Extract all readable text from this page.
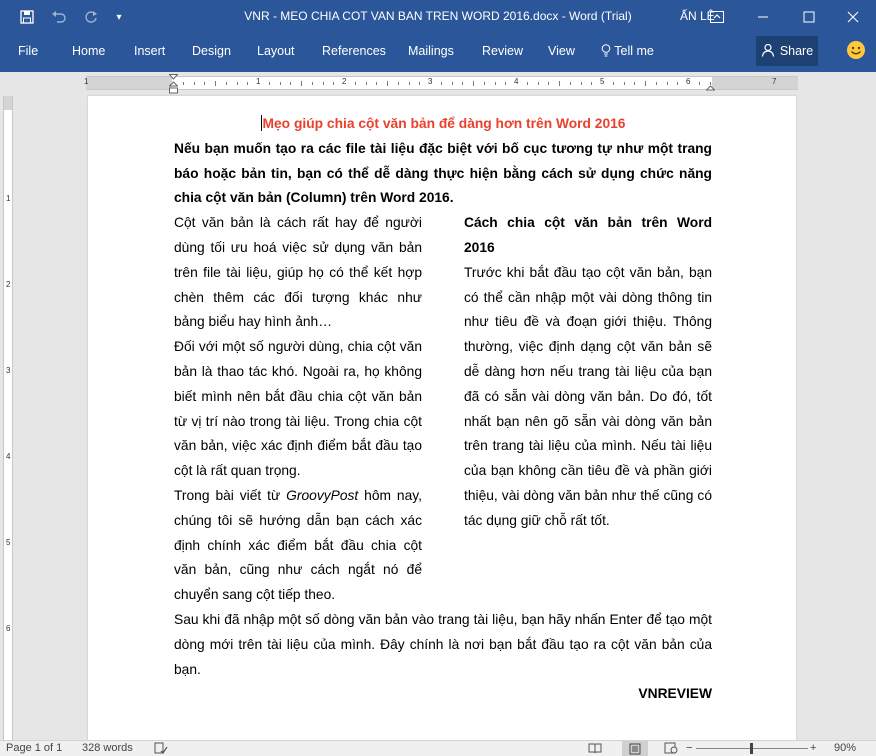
▾	VNR - MEO CHIA COT VAN BAN TREN WORD 2016.docx - Word (Trial)	ẤN LÊ
File	Home Insert Design Layout References Mailings Review View	Tell me	Share
1	1	2	3	4	5	6	7
1
2
3
4
5
6
Mẹo giúp chia cột văn bản để dàng hơn trên Word 2016
Nếu bạn muốn tạo ra các file tài liệu đặc biệt với bố cục tương tự như một trang báo hoặc bản tin, bạn có thể dễ dàng thực hiện bằng cách sử dụng chức năng chia cột văn bản (Column) trên Word 2016.
Cột văn bản là cách rất hay để người dùng tối ưu hoá việc sử dụng văn bản trên file tài liệu, giúp họ có thể kết hợp chèn thêm các đối tượng khác như bảng biểu hay hình ảnh…
Đối với một số người dùng, chia cột văn bản là thao tác khó. Ngoài ra, họ không biết mình nên bắt đầu chia cột văn bản từ vị trí nào trong tài liệu. Trong chia cột văn bản, việc xác định điểm bắt đầu tạo cột là rất quan trọng.
Trong bài viết từ GroovyPost hôm nay, chúng tôi sẽ hướng dẫn bạn cách xác định chính xác điểm bắt đầu chia cột văn bản, cũng như cách ngắt nó để chuyển sang cột tiếp theo.
Cách chia cột văn bản trên Word 2016
Trước khi bắt đầu tạo cột văn bản, bạn có thể cần nhập một vài dòng thông tin như tiêu đề và đoạn giới thiệu. Thông thường, việc định dạng cột văn bản sẽ dễ dàng hơn nếu trang tài liệu của bạn đã có sẵn vài dòng văn bản. Do đó, tốt nhất bạn nên gõ sẵn vài dòng văn bản trên trang tài liệu của mình. Nếu tài liệu của bạn không cần tiêu đề và phần giới thiệu, vài dòng văn bản như thế cũng có tác dụng giữ chỗ rất tốt.
Sau khi đã nhập một số dòng văn bản vào trang tài liệu, bạn hãy nhấn Enter để tạo một dòng mới trên tài liệu của mình. Đây chính là nơi bạn bắt đầu tạo ra cột văn bản của bạn.
VNREVIEW
Page 1 of 1 328 words	−	+ 90%
